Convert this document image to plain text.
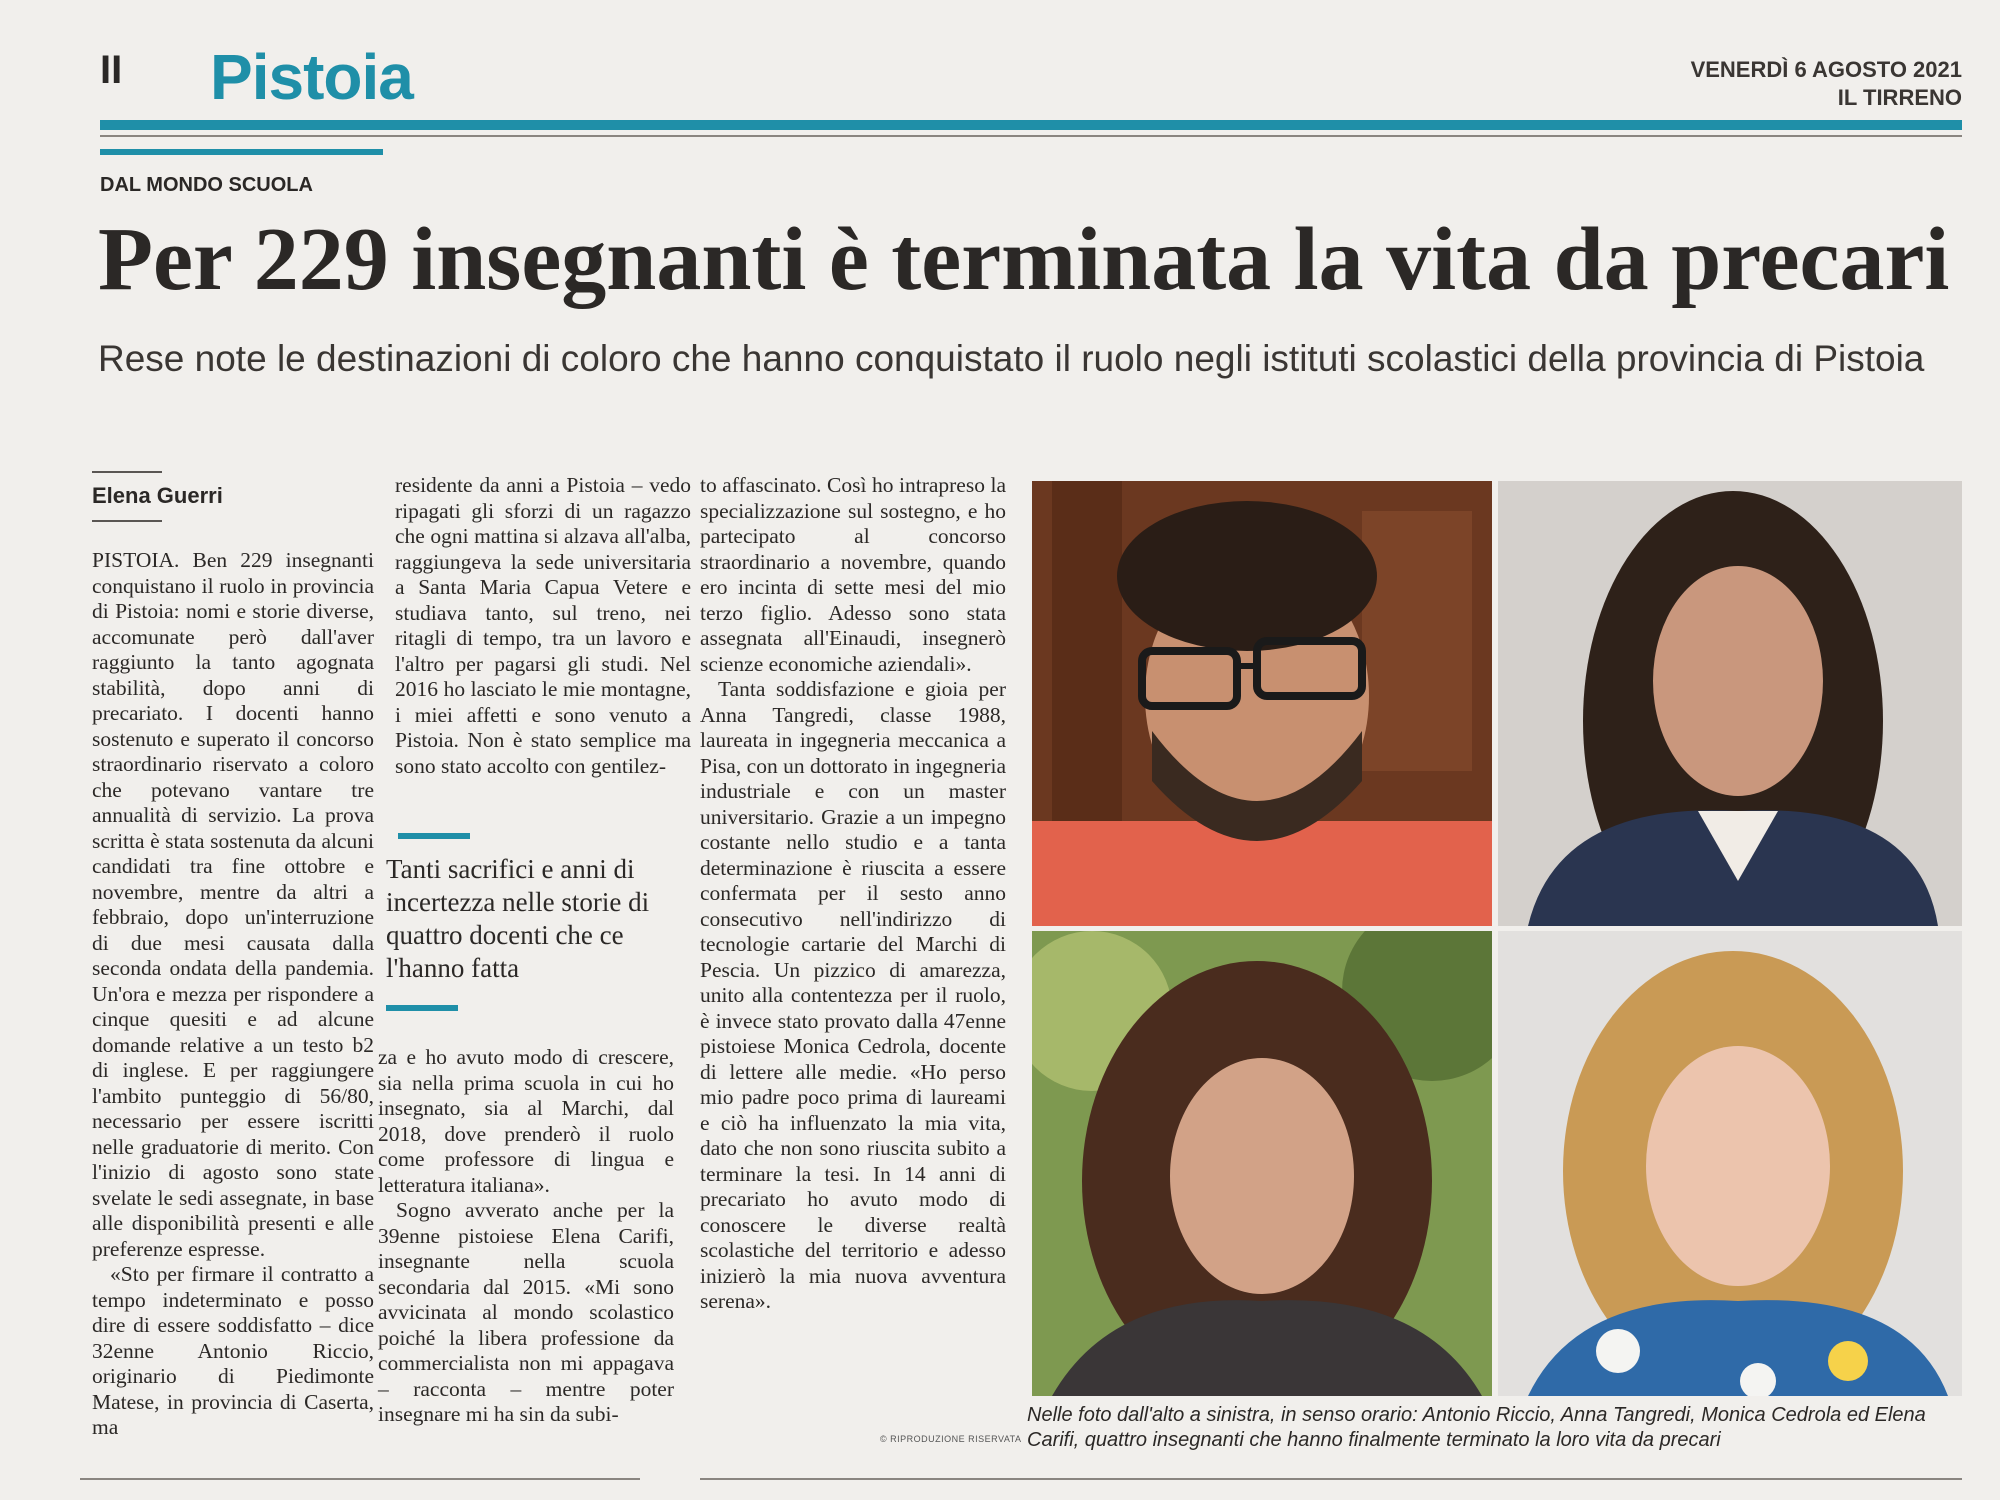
II Pistoia	VENERDÌ 6 AGOSTO 2021
IL TIRRENO
DAL MONDO SCUOLA
Per 229 insegnanti è terminata la vita da precari
Rese note le destinazioni di coloro che hanno conquistato il ruolo negli istituti scolastici della provincia di Pistoia
Elena Guerri

PISTOIA. Ben 229 insegnanti conquistano il ruolo in provincia di Pistoia: nomi e storie diverse, accomunate però dall'aver raggiunto la tanto agognata stabilità, dopo anni di precariato. I docenti hanno sostenuto e superato il concorso straordinario riservato a coloro che potevano vantare tre annualità di servizio. La prova scritta è stata sostenuta da alcuni candidati tra fine ottobre e novembre, mentre da altri a febbraio, dopo un'interruzione di due mesi causata dalla seconda ondata della pandemia. Un'ora e mezza per rispondere a cinque quesiti e ad alcune domande relative a un testo b2 di inglese. E per raggiungere l'ambito punteggio di 56/80, necessario per essere iscritti nelle graduatorie di merito. Con l'inizio di agosto sono state svelate le sedi assegnate, in base alle disponibilità presenti e alle preferenze espresse.

«Sto per firmare il contratto a tempo indeterminato e posso dire di essere soddisfatto – dice 32enne Antonio Riccio, originario di Piedimonte Matese, in provincia di Caserta, ma

residente da anni a Pistoia – vedo ripagati gli sforzi di un ragazzo che ogni mattina si alzava all'alba, raggiungeva la sede universitaria a Santa Maria Capua Vetere e studiava tanto, sul treno, nei ritagli di tempo, tra un lavoro e l'altro per pagarsi gli studi. Nel 2016 ho lasciato le mie montagne, i miei affetti e sono venuto a Pistoia. Non è stato semplice ma sono stato accolto con gentilez-

Tanti sacrifici e anni di incertezza nelle storie di quattro docenti che ce l'hanno fatta

za e ho avuto modo di crescere, sia nella prima scuola in cui ho insegnato, sia al Marchi, dal 2018, dove prenderò il ruolo come professore di lingua e letteratura italiana».

Sogno avverato anche per la 39enne pistoiese Elena Carifi, insegnante nella scuola secondaria dal 2015. «Mi sono avvicinata al mondo scolastico poiché la libera professione da commercialista non mi appagava – racconta – mentre poter insegnare mi ha sin da subi-

to affascinato. Così ho intrapreso la specializzazione sul sostegno, e ho partecipato al concorso straordinario a novembre, quando ero incinta di sette mesi del mio terzo figlio. Adesso sono stata assegnata all'Einaudi, insegnerò scienze economiche aziendali».

Tanta soddisfazione e gioia per Anna Tangredi, classe 1988, laureata in ingegneria meccanica a Pisa, con un dottorato in ingegneria industriale e con un master universitario. Grazie a un impegno costante nello studio e a tanta determinazione è riuscita a essere confermata per il sesto anno consecutivo nell'indirizzo di tecnologie cartarie del Marchi di Pescia. Un pizzico di amarezza, unito alla contentezza per il ruolo, è invece stato provato dalla 47enne pistoiese Monica Cedrola, docente di lettere alle medie. «Ho perso mio padre poco prima di laureami e ciò ha influenzato la mia vita, dato che non sono riuscita subito a terminare la tesi. In 14 anni di precariato ho avuto modo di conoscere le diverse realtà scolastiche del territorio e adesso inizierò la mia nuova avventura serena».

© RIPRODUZIONE RISERVATA
Nelle foto dall'alto a sinistra, in senso orario: Antonio Riccio, Anna Tangredi, Monica Cedrola ed Elena Carifi, quattro insegnanti che hanno finalmente terminato la loro vita da precari
